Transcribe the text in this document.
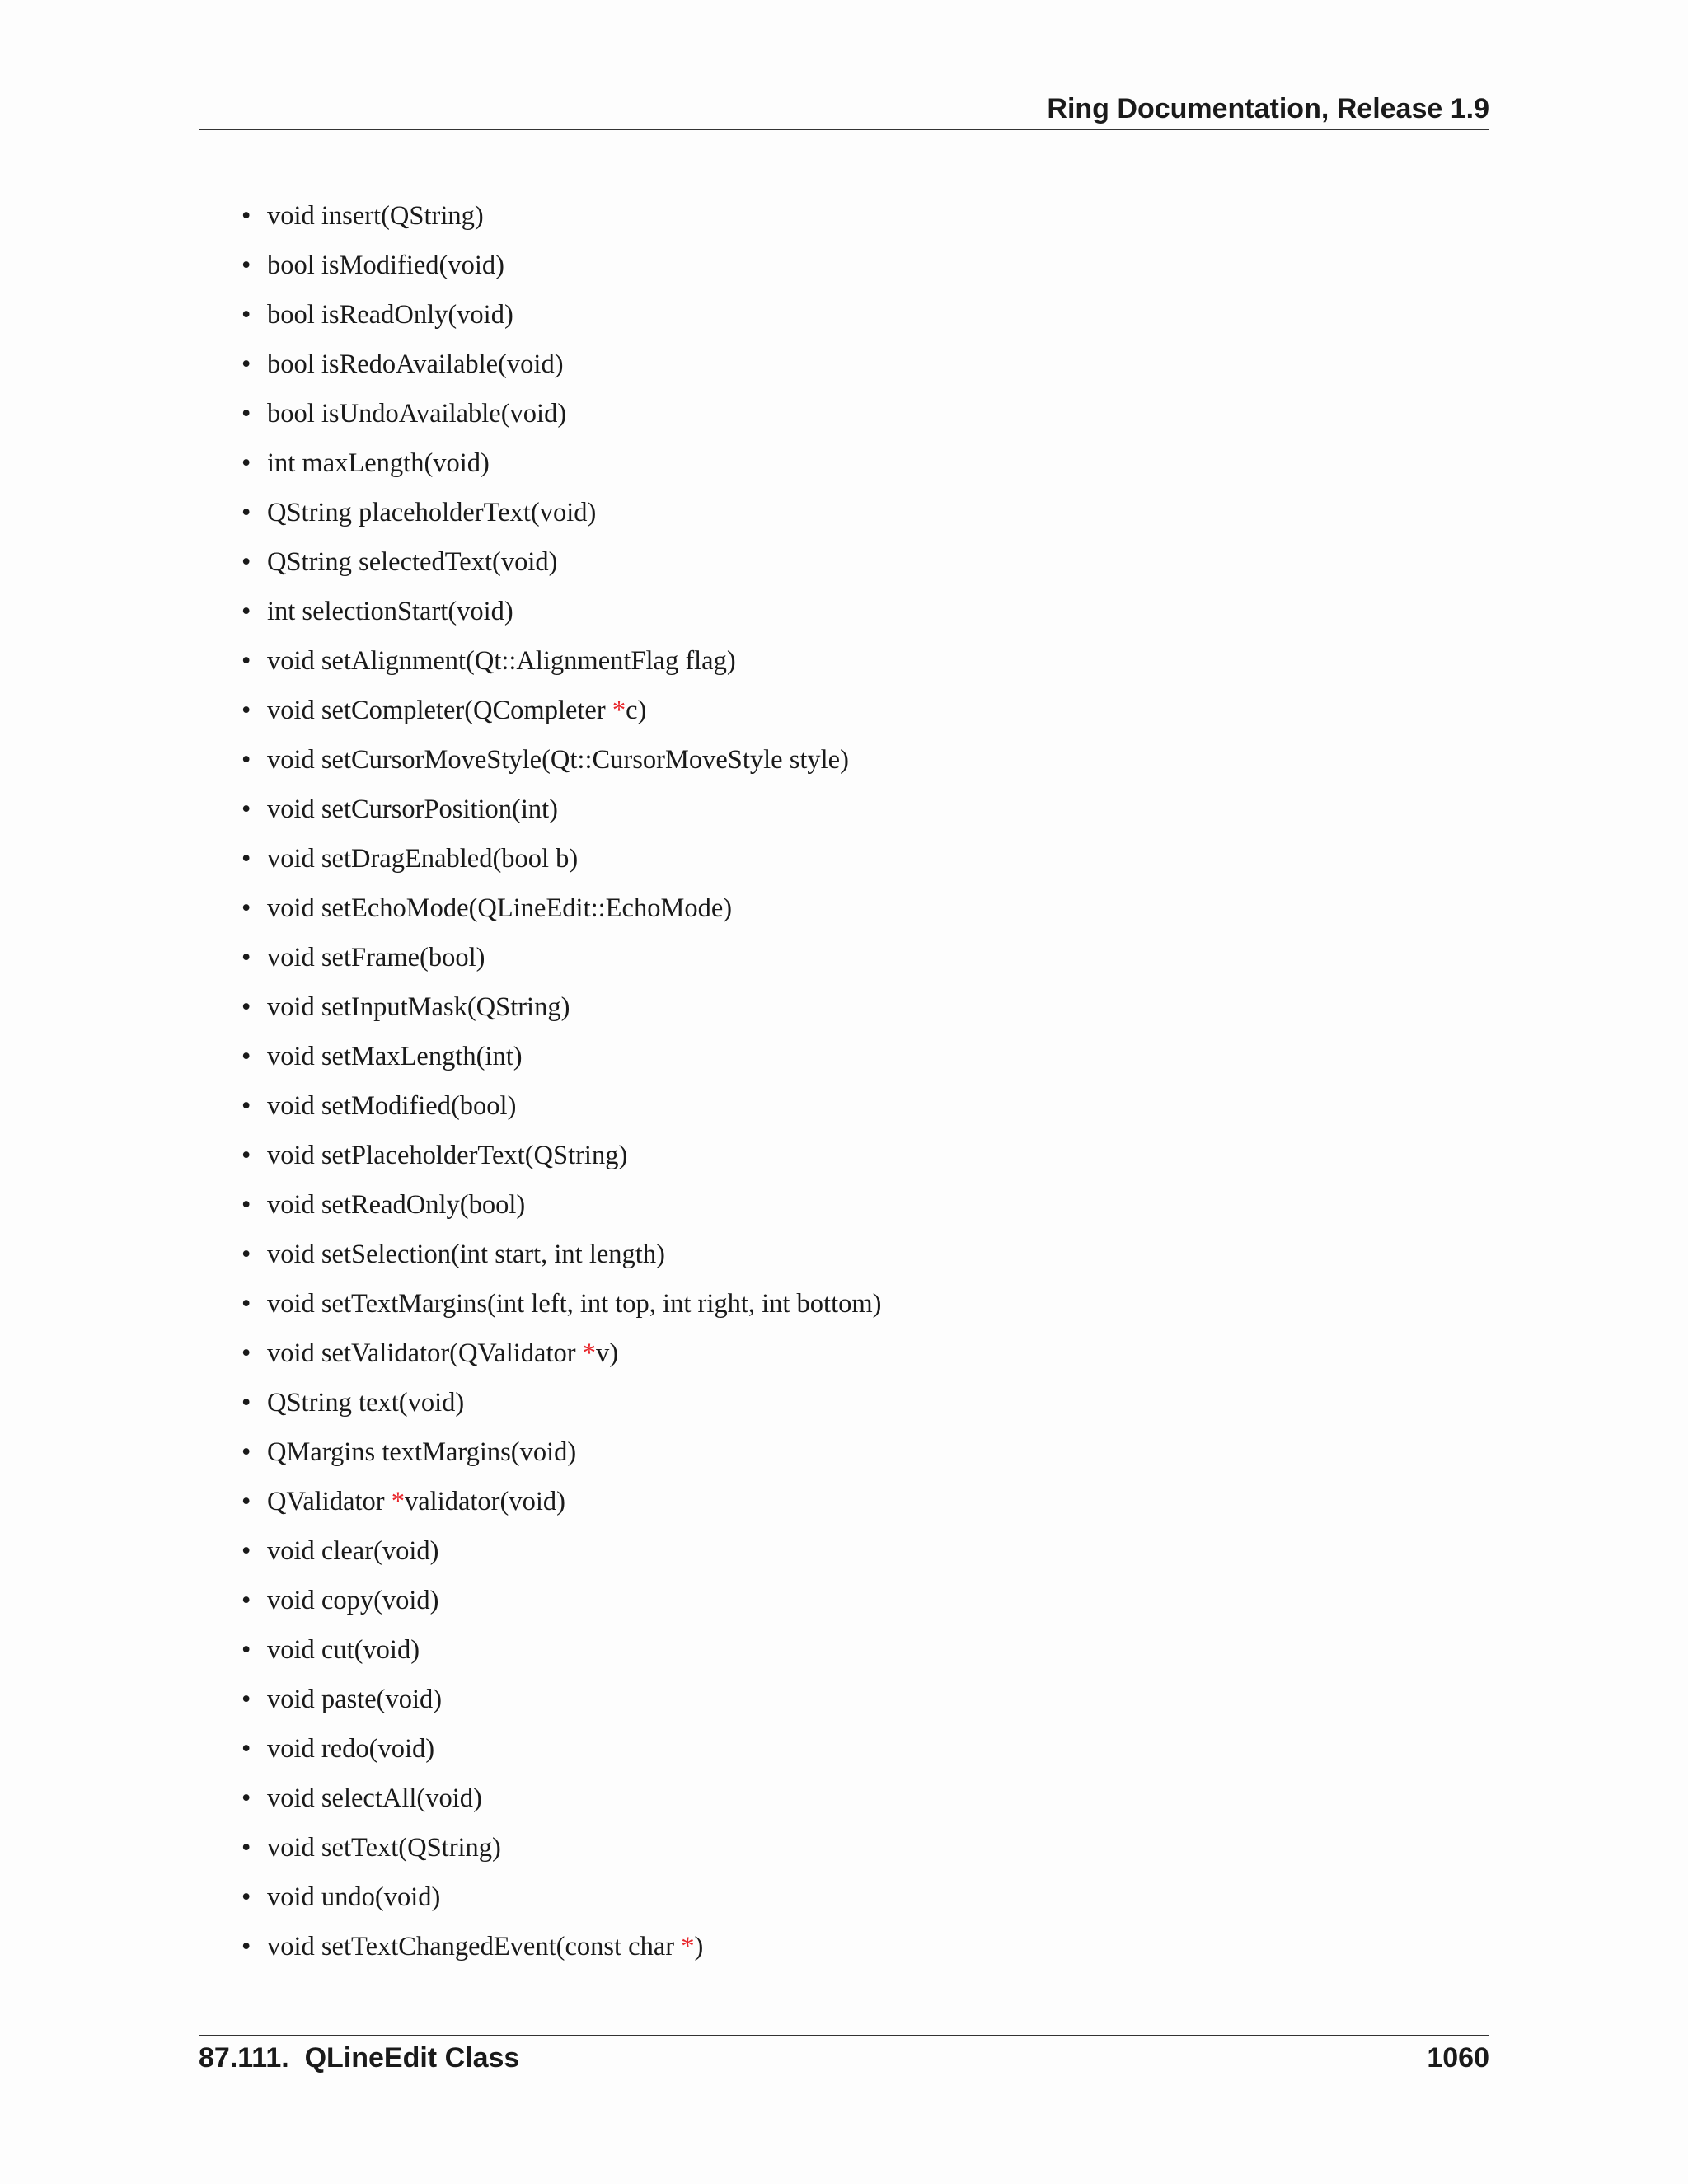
Ring Documentation, Release 1.9
• void insert(QString)
• bool isModified(void)
• bool isReadOnly(void)
• bool isRedoAvailable(void)
• bool isUndoAvailable(void)
• int maxLength(void)
• QString placeholderText(void)
• QString selectedText(void)
• int selectionStart(void)
• void setAlignment(Qt::AlignmentFlag flag)
• void setCompleter(QCompleter *c)
• void setCursorMoveStyle(Qt::CursorMoveStyle style)
• void setCursorPosition(int)
• void setDragEnabled(bool b)
• void setEchoMode(QLineEdit::EchoMode)
• void setFrame(bool)
• void setInputMask(QString)
• void setMaxLength(int)
• void setModified(bool)
• void setPlaceholderText(QString)
• void setReadOnly(bool)
• void setSelection(int start, int length)
• void setTextMargins(int left, int top, int right, int bottom)
• void setValidator(QValidator *v)
• QString text(void)
• QMargins textMargins(void)
• QValidator *validator(void)
• void clear(void)
• void copy(void)
• void cut(void)
• void paste(void)
• void redo(void)
• void selectAll(void)
• void setText(QString)
• void undo(void)
• void setTextChangedEvent(const char *)
87.111.  QLineEdit Class	1060
